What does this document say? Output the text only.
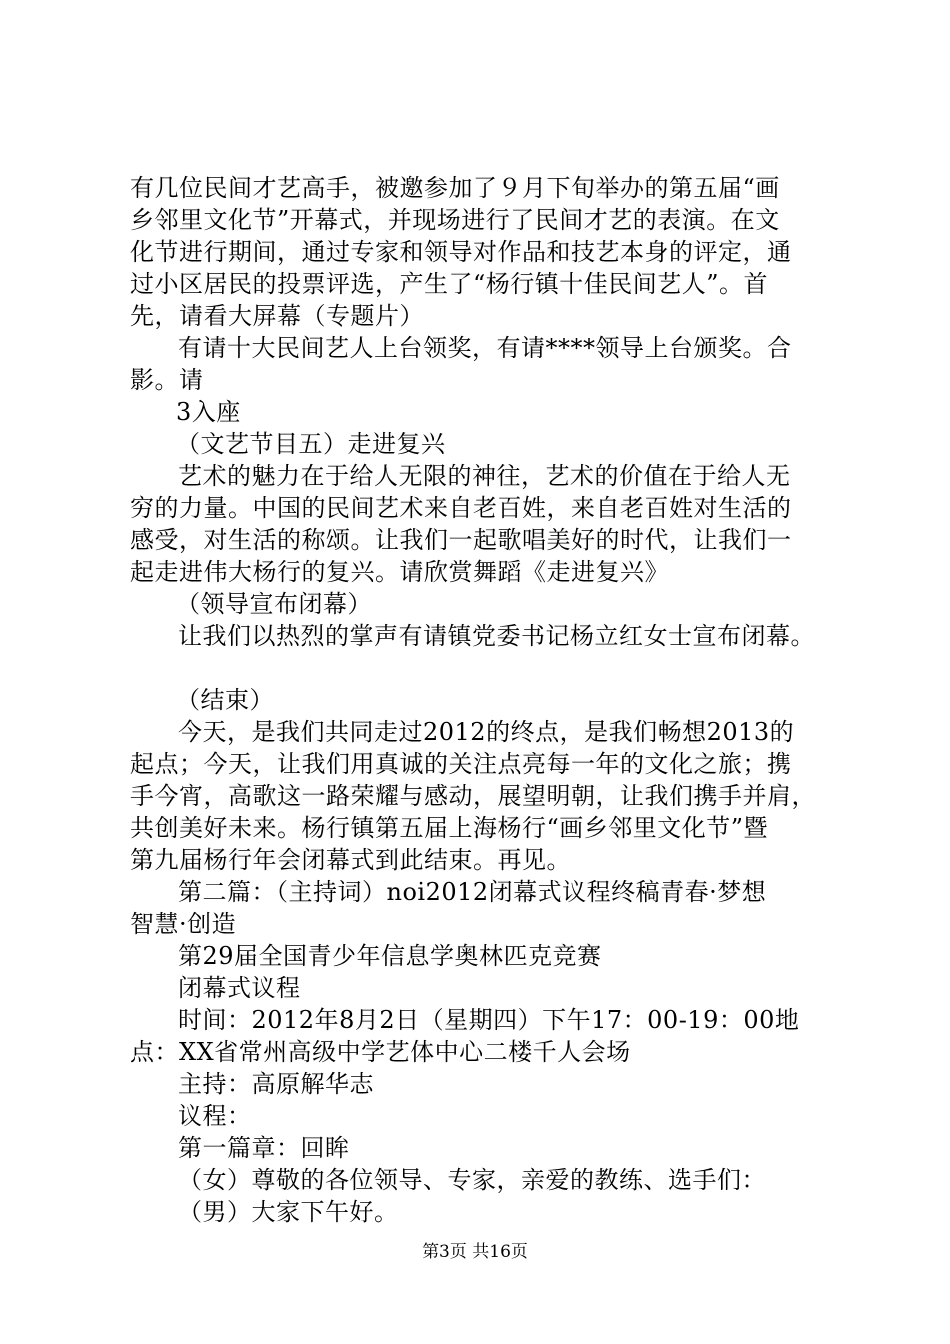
有几位民间才艺高手，被邀参加了９月下旬举办的第五届“画
乡邻里文化节”开幕式，并现场进行了民间才艺的表演。在文
化节进行期间，通过专家和领导对作品和技艺本身的评定，通
过小区居民的投票评选，产生了“杨行镇十佳民间艺人”。首
先，请看大屏幕（专题片）
有请十大民间艺人上台领奖，有请****领导上台颁奖。合
影。请
3入座
（文艺节目五）走进复兴
艺术的魅力在于给人无限的神往，艺术的价值在于给人无
穷的力量。中国的民间艺术来自老百姓，来自老百姓对生活的
感受，对生活的称颂。让我们一起歌唱美好的时代，让我们一
起走进伟大杨行的复兴。请欣赏舞蹈《走进复兴》
（领导宣布闭幕）
让我们以热烈的掌声有请镇党委书记杨立红女士宣布闭幕。
（结束）
今天，是我们共同走过2012的终点，是我们畅想2013的
起点；今天，让我们用真诚的关注点亮每一年的文化之旅；携
手今宵，高歌这一路荣耀与感动，展望明朝，让我们携手并肩，
共创美好未来。杨行镇第五届上海杨行“画乡邻里文化节”暨
第九届杨行年会闭幕式到此结束。再见。
第二篇：（主持词）noi2012闭幕式议程终稿青春·梦想
智慧·创造
第29届全国青少年信息学奥林匹克竞赛
闭幕式议程
时间：2012年8月2日（星期四）下午17：00-19：00地
点：XX省常州高级中学艺体中心二楼千人会场
主持：高原解华志
议程：
第一篇章：回眸
（女）尊敬的各位领导、专家，亲爱的教练、选手们：
（男）大家下午好。
第3页 共16页
